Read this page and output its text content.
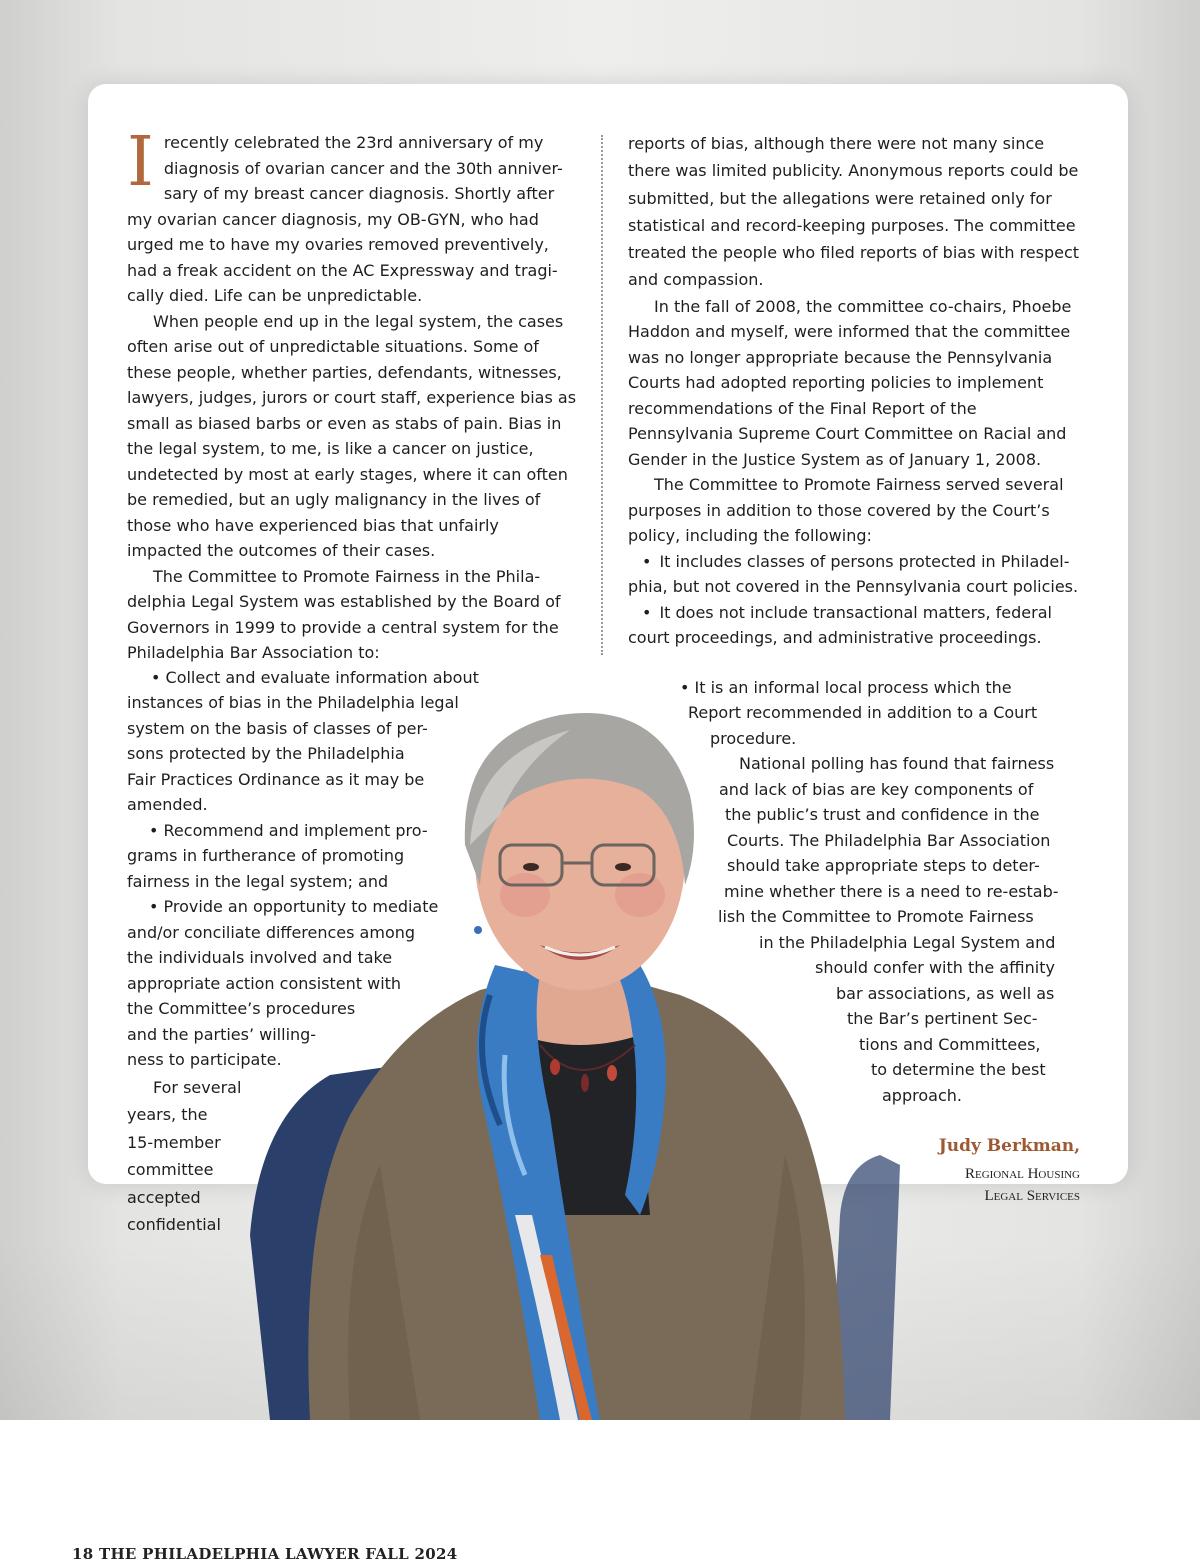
Irecently celebrated the 23rd anniversary of my diagnosis of ovarian cancer and the 30th anniver-sary of my breast cancer diagnosis. Shortly after my ovarian cancer diagnosis, my OB-GYN, who had urged me to have my ovaries removed preventively, had a freak accident on the AC Expressway and tragi-cally died. Life can be unpredictable.

When people end up in the legal system, the cases often arise out of unpredictable situations. Some of these people, whether parties, defendants, witnesses, lawyers, judges, jurors or court staff, experience bias as small as biased barbs or even as stabs of pain. Bias in the legal system, to me, is like a cancer on justice, undetected by most at early stages, where it can often be remedied, but an ugly malignancy in the lives of those who have experienced bias that unfairly impacted the outcomes of their cases.

The Committee to Promote Fairness in the Phila-delphia Legal System was established by the Board of Governors in 1999 to provide a central system for the Philadelphia Bar Association to:

• Collect and evaluate information about
instances of bias in the Philadelphia legal
system on the basis of classes of per-
sons protected by the Philadelphia
Fair Practices Ordinance as it may be
amended.
• Recommend and implement pro-
grams in furtherance of promoting
fairness in the legal system; and
• Provide an opportunity to mediate
and/or conciliate differences among
the individuals involved and take
appropriate action consistent with
the Committee’s procedures
and the parties’ willing-
ness to participate.
For several
years, the
15-member
committee
accepted
confidential

reports of bias, although there were not many since there was limited publicity. Anonymous reports could be submitted, but the allegations were retained only for statistical and record-keeping purposes. The committee treated the people who filed reports of bias with respect and compassion.

In the fall of 2008, the committee co-chairs, Phoebe Haddon and myself, were informed that the committee was no longer appropriate because the Pennsylvania Courts had adopted reporting policies to implement recommendations of the Final Report of the Pennsylvania Supreme Court Committee on Racial and Gender in the Justice System as of January 1, 2008.

The Committee to Promote Fairness served several purposes in addition to those covered by the Court’s policy, including the following:

• It includes classes of persons protected in Philadel-phia, but not covered in the Pennsylvania court policies.

• It does not include transactional matters, federal court proceedings, and administrative proceedings.

• It is an informal local process which the
Report recommended in addition to a Court
procedure.
National polling has found that fairness
and lack of bias are key components of
the public’s trust and confidence in the
Courts. The Philadelphia Bar Association
should take appropriate steps to deter-
mine whether there is a need to re-estab-
lish the Committee to Promote Fairness
in the Philadelphia Legal System and
should confer with the affinity
bar associations, as well as
the Bar’s pertinent Sec-
tions and Committees,
to determine the best
approach.
Judy Berkman,
Regional Housing
Legal Services
18 THE PHILADELPHIA LAWYER FALL 2024
